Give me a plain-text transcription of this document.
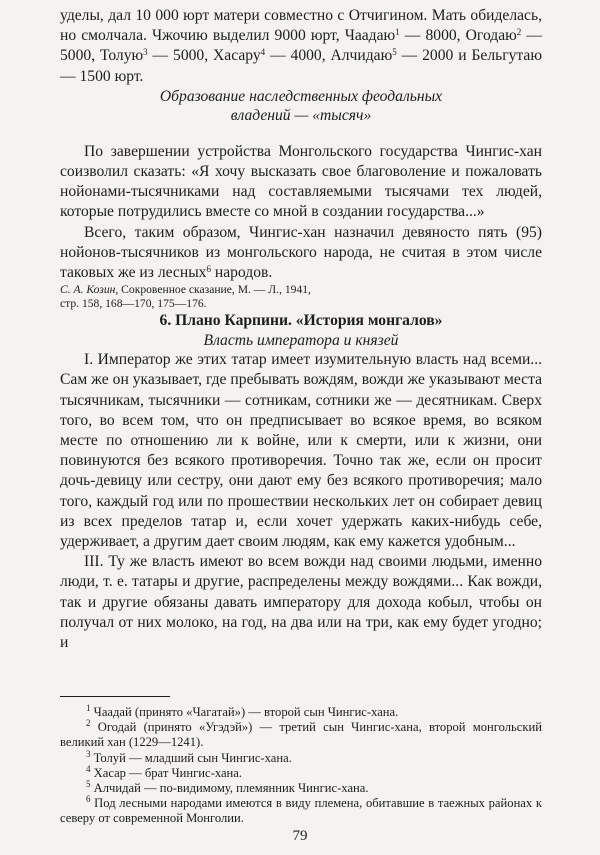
уделы, дал 10 000 юрт матери совместно с Отчигином. Мать обиделась, но смолчала. Чжочию выделил 9000 юрт, Чаадаю$^1$ — 8000, Огодаю$^2$ — 5000, Толую$^3$ — 5000, Хасару$^4$ — 4000, Алчидаю$^5$ — 2000 и Бельгутаю — 1500 юрт.

Образование наследственных феодальных
владений — «тысяч»

По завершении устройства Монгольского государства Чингис-хан соизволил сказать: «Я хочу высказать свое благоволение и пожаловать нойонами-тысячниками над составляемыми тысячами тех людей, которые потрудились вместе со мной в создании государства...»

Всего, таким образом, Чингис-хан назначил девяносто пять (95) нойонов-тысячников из монгольского народа, не считая в этом числе таковых же из лесных$^6$ народов.

С. А. Козин, Сокровенное сказание, М. — Л., 1941,
стр. 158, 168—170, 175—176.

6. Плано Карпини. «История монгалов»

Власть императора и князей

I. Император же этих татар имеет изумительную власть над всеми... Сам же он указывает, где пребывать вождям, вожди же указывают места тысячникам, тысячники — сотникам, сотники же — десятникам. Сверх того, во всем том, что он предписывает во всякое время, во всяком месте по отношению ли к войне, или к смерти, или к жизни, они повинуются без всякого противоречия. Точно так же, если он просит дочь-девицу или сестру, они дают ему без всякого противоречия; мало того, каждый год или по прошествии нескольких лет он собирает девиц из всех пределов татар и, если хочет удержать каких-нибудь себе, удерживает, а другим дает своим людям, как ему кажется удобным...

III. Ту же власть имеют во всем вожди над своими людьми, именно люди, т. е. татары и другие, распределены между вождями... Как вожди, так и другие обязаны давать императору для дохода кобыл, чтобы он получал от них молоко, на год, на два или на три, как ему будет угодно; и

$^1$ Чаадай (принято «Чагатай») — второй сын Чингис-хана.

$^2$ Огодай (принято «Угэдэй») — третий сын Чингис-хана, второй монгольский великий хан (1229—1241).

$^3$ Толуй — младший сын Чингис-хана.

$^4$ Хасар — брат Чингис-хана.

$^5$ Алчидай — по-видимому, племянник Чингис-хана.

$^6$ Под лесными народами имеются в виду племена, обитавшие в таежных районах к северу от современной Монголии.

79
